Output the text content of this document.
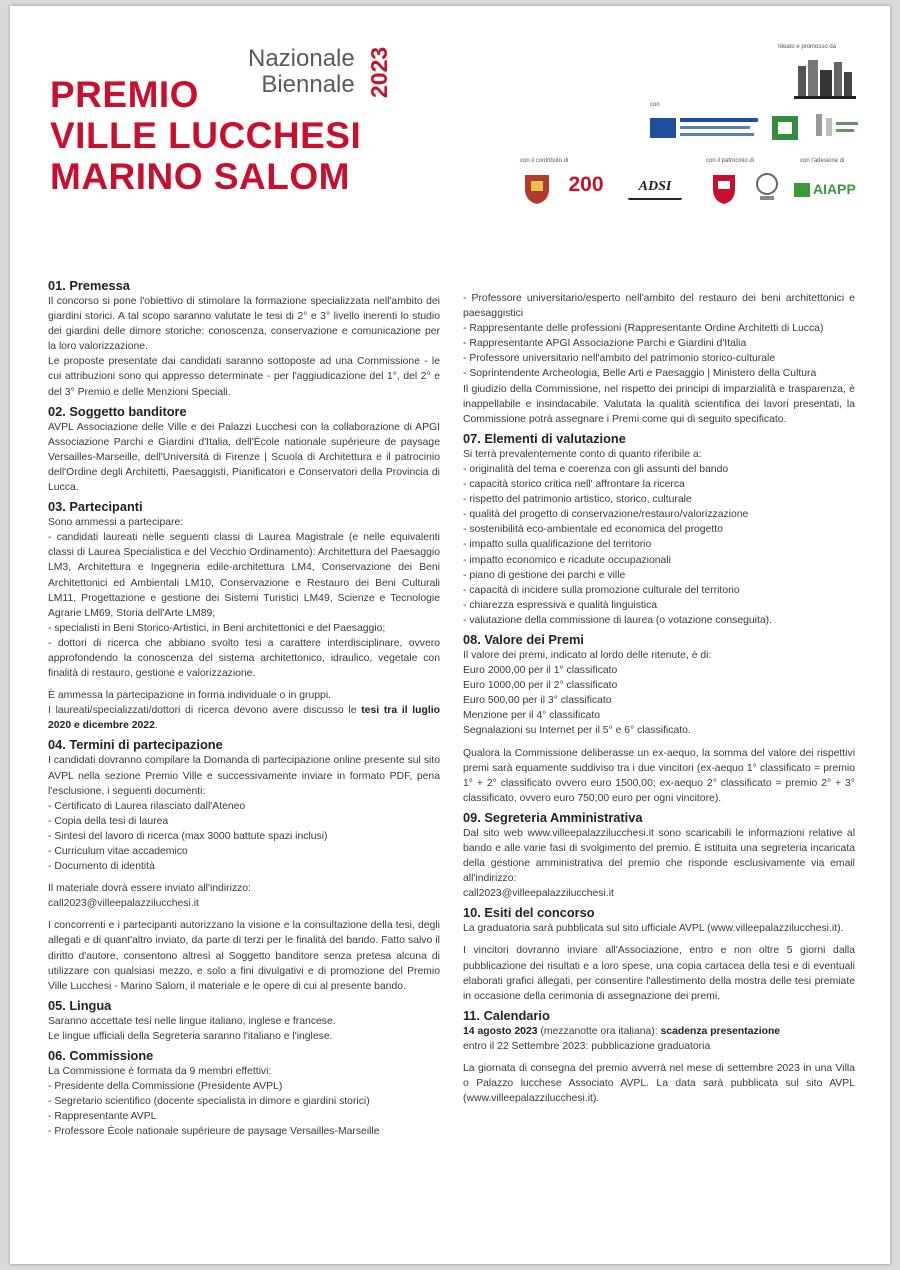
PREMIO
VILLE LUCCHESI
MARINO SALOM
Nazionale
Biennale 2023	Ideato e promosso da
con
con il contributo di	con il patrocinio di	con l'adesione di
200	ADSI	AIAPP
01. Premessa

Il concorso si pone l'obiettivo di stimolare la formazione specializzata nell'ambito dei giardini storici. A tal scopo saranno valutate le tesi di 2° e 3° livello inerenti lo studio dei giardini delle dimore storiche: conoscenza, conservazione e comunicazione per la loro valorizzazione.

Le proposte presentate dai candidati saranno sottoposte ad una Commissione - le cui attribuzioni sono qui appresso determinate - per l'aggiudicazione del 1°, del 2° e del 3° Premio e delle Menzioni Speciali.

02. Soggetto banditore

AVPL Associazione delle Ville e dei Palazzi Lucchesi con la collaborazione di APGI Associazione Parchi e Giardini d'Italia, dell'École nationale supérieure de paysage Versailles-Marseille, dell'Università di Firenze | Scuola di Architettura e il patrocinio dell'Ordine degli Architetti, Paesaggisti, Pianificatori e Conservatori della Provincia di Lucca.

03. Partecipanti

Sono ammessi a partecipare:

- candidati laureati nelle seguenti classi di Laurea Magistrale (e nelle equivalenti classi di Laurea Specialistica e del Vecchio Ordinamento): Architettura del Paesaggio LM3, Architettura e Ingegneria edile-architettura LM4, Conservazione dei Beni Architettonici ed Ambientali LM10, Conservazione e Restauro dei Beni Culturali LM11, Progettazione e gestione dei Sistemi Turistici LM49, Scienze e Tecnologie Agrarie LM69, Storia dell'Arte LM89;

- specialisti in Beni Storico-Artistici, in Beni architettonici e del Paesaggio;

- dottori di ricerca che abbiano svolto tesi a carattere interdisciplinare, ovvero approfondendo la conoscenza del sistema architettonico, idraulico, vegetale con finalità di restauro, gestione e valorizzazione.

È ammessa la partecipazione in forma individuale o in gruppi.

I laureati/specializzati/dottori di ricerca devono avere discusso le tesi tra il luglio 2020 e dicembre 2022.

04. Termini di partecipazione

I candidati dovranno compilare la Domanda di partecipazione online presente sul sito AVPL nella sezione Premio Ville e successivamente inviare in formato PDF, pena l'esclusione, i seguenti documenti:

- Certificato di Laurea rilasciato dall'Ateneo

- Copia della tesi di laurea

- Sintesi del lavoro di ricerca (max 3000 battute spazi inclusi)

- Curriculum vitae accademico

- Documento di identità

Il materiale dovrà essere inviato all'indirizzo:

call2023@villeepalazzilucchesi.it

I concorrenti e i partecipanti autorizzano la visione e la consultazione della tesi, degli allegati e di quant'altro inviato, da parte di terzi per le finalità del bando. Fatto salvo il diritto d'autore, consentono altresì al Soggetto banditore senza pretesa alcuna di utilizzare con qualsiasi mezzo, e solo a fini divulgativi e di promozione del Premio Ville Lucchesi - Marino Salom, il materiale e le opere di cui al presente bando.

05. Lingua

Saranno accettate tesi nelle lingue italiano, inglese e francese.

Le lingue ufficiali della Segreteria saranno l'italiano e l'inglese.

06. Commissione

La Commissione è formata da 9 membri effettivi:

- Presidente della Commissione (Presidente AVPL)

- Segretario scientifico (docente specialista in dimore e giardini storici)

- Rappresentante AVPL

- Professore École nationale supérieure de paysage Versailles-Marseille

- Professore universitario/esperto nell'ambito del restauro dei beni architettonici e paesaggistici

- Rappresentante delle professioni (Rappresentante Ordine Architetti di Lucca)

- Rappresentante APGI Associazione Parchi e Giardini d'Italia

- Professore universitario nell'ambito del patrimonio storico-culturale

- Soprintendente Archeologia, Belle Arti e Paesaggio | Ministero della Cultura

Il giudizio della Commissione, nel rispetto dei principi di imparzialità e trasparenza, è inappellabile e insindacabile. Valutata la qualità scientifica dei lavori presentati, la Commissione potrà assegnare i Premi come qui di seguito specificato.

07. Elementi di valutazione

Si terrà prevalentemente conto di quanto riferibile a:

- originalità del tema e coerenza con gli assunti del bando

- capacità storico critica nell' affrontare la ricerca

- rispetto del patrimonio artistico, storico, culturale

- qualità del progetto di conservazione/restauro/valorizzazione

- sostenibilità eco-ambientale ed economica del progetto

- impatto sulla qualificazione del territorio

- impatto economico e ricadute occupazionali

- piano di gestione dei parchi e ville

- capacità di incidere sulla promozione culturale del territorio

- chiarezza espressiva e qualità linguistica

- valutazione della commissione di laurea (o votazione conseguita).

08. Valore dei Premi

Il valore dei premi, indicato al lordo delle ritenute, è di:

Euro 2000,00 per il 1° classificato

Euro 1000,00 per il 2° classificato

Euro 500,00 per il 3° classificato

Menzione per il 4° classificato

Segnalazioni su Internet per il 5° e 6° classificato.

Qualora la Commissione deliberasse un ex-aequo, la somma del valore dei rispettivi premi sarà equamente suddiviso tra i due vincitori (ex-aequo 1° classificato = premio 1° + 2° classificato ovvero euro 1500,00; ex-aequo 2° classificato = premio 2° + 3° classificato, ovvero euro 750,00 euro per ogni vincitore).

09. Segreteria Amministrativa

Dal sito web www.villeepalazzilucchesi.it sono scaricabili le informazioni relative al bando e alle varie fasi di svolgimento del premio. È istituita una segreteria incaricata della gestione amministrativa del premio che risponde esclusivamente via email all'indirizzo:

call2023@villeepalazzilucchesi.it

10. Esiti del concorso

La graduatoria sarà pubblicata sul sito ufficiale AVPL (www.villeepalazzilucchesi.it).

I vincitori dovranno inviare all'Associazione, entro e non oltre 5 giorni dalla pubblicazione dei risultati e a loro spese, una copia cartacea della tesi e di eventuali elaborati grafici allegati, per consentire l'allestimento della mostra delle tesi premiate in occasione della cerimonia di assegnazione dei premi.

11. Calendario

14 agosto 2023 (mezzanotte ora italiana): scadenza presentazione

entro il 22 Settembre 2023: pubblicazione graduatoria

La giornata di consegna del premio avverrà nel mese di settembre 2023 in una Villa o Palazzo lucchese Associato AVPL. La data sarà pubblicata sul sito AVPL (www.villeepalazzilucchesi.it).
